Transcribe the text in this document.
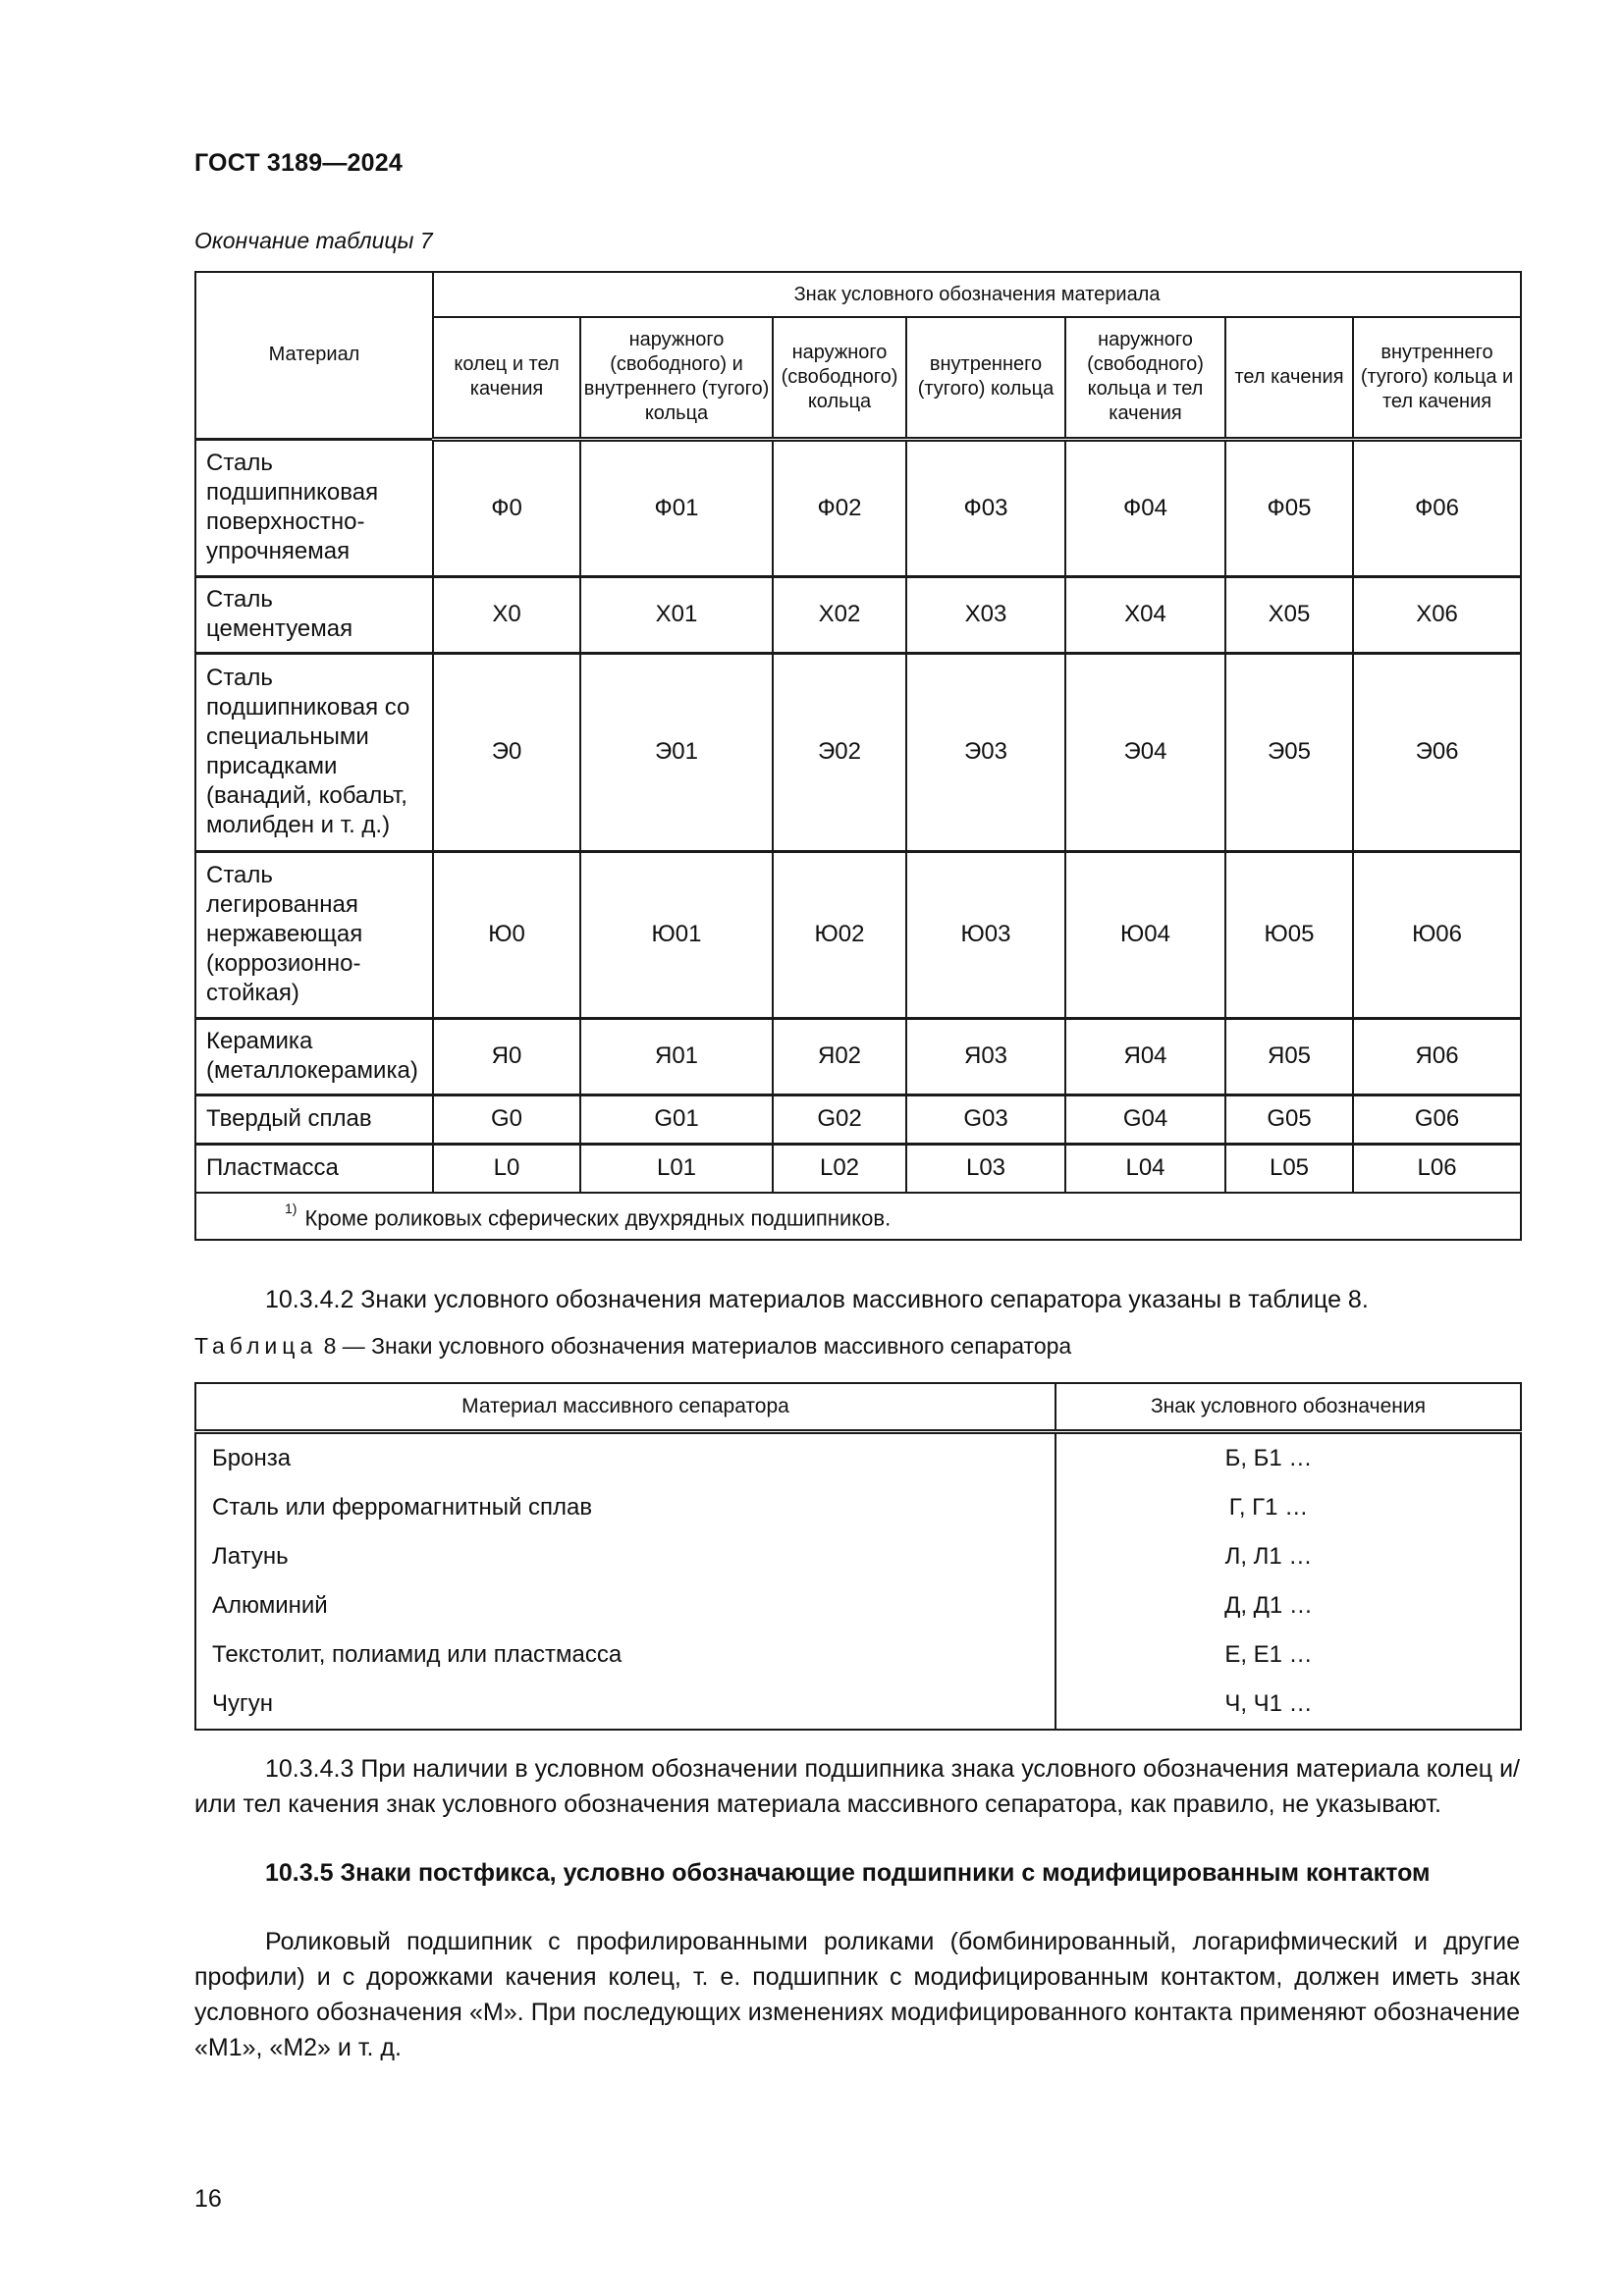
ГОСТ 3189—2024
Окончание таблицы 7
Материал	Знак условного обозначения материала						
	колец и тел качения	наружного (свободного) и внутреннего (тугого) кольца	наружного (свободного) кольца	внутреннего (тугого) кольца	наружного (свободного) кольца и тел качения	тел качения	внутреннего (тугого) кольца и тел качения
Сталь подшипниковая поверхностно-упрочняемая	Ф0	Ф01	Ф02	Ф03	Ф04	Ф05	Ф06
Сталь цементуемая	Х0	Х01	Х02	Х03	Х04	Х05	Х06
Сталь подшипниковая со специальными присадками (ванадий, кобальт, молибден и т. д.)	Э0	Э01	Э02	Э03	Э04	Э05	Э06
Сталь легированная нержавеющая (коррозионно-стойкая)	Ю0	Ю01	Ю02	Ю03	Ю04	Ю05	Ю06
Керамика (металлокерамика)	Я0	Я01	Я02	Я03	Я04	Я05	Я06
Твердый сплав	G0	G01	G02	G03	G04	G05	G06
Пластмасса	L0	L01	L02	L03	L04	L05	L06
$^{1)}$ Кроме роликовых сферических двухрядных подшипников.							
10.3.4.2 Знаки условного обозначения материалов массивного сепаратора указаны в таблице 8.
Таблица 8 — Знаки условного обозначения материалов массивного сепаратора
Материал массивного сепаратора	Знак условного обозначения
Бронза	Б, Б1 …
Сталь или ферромагнитный сплав	Г, Г1 …
Латунь	Л, Л1 …
Алюминий	Д, Д1 …
Текстолит, полиамид или пластмасса	Е, Е1 …
Чугун	Ч, Ч1 …
10.3.4.3 При наличии в условном обозначении подшипника знака условного обозначения материала колец и/или тел качения знак условного обозначения материала массивного сепаратора, как правило, не указывают.
10.3.5 Знаки постфикса, условно обозначающие подшипники с модифицированным контактом
Роликовый подшипник с профилированными роликами (бомбинированный, логарифмический и другие профили) и с дорожками качения колец, т. е. подшипник с модифицированным контактом, должен иметь знак условного обозначения «М». При последующих изменениях модифицированного контакта применяют обозначение «М1», «М2» и т. д.
16
